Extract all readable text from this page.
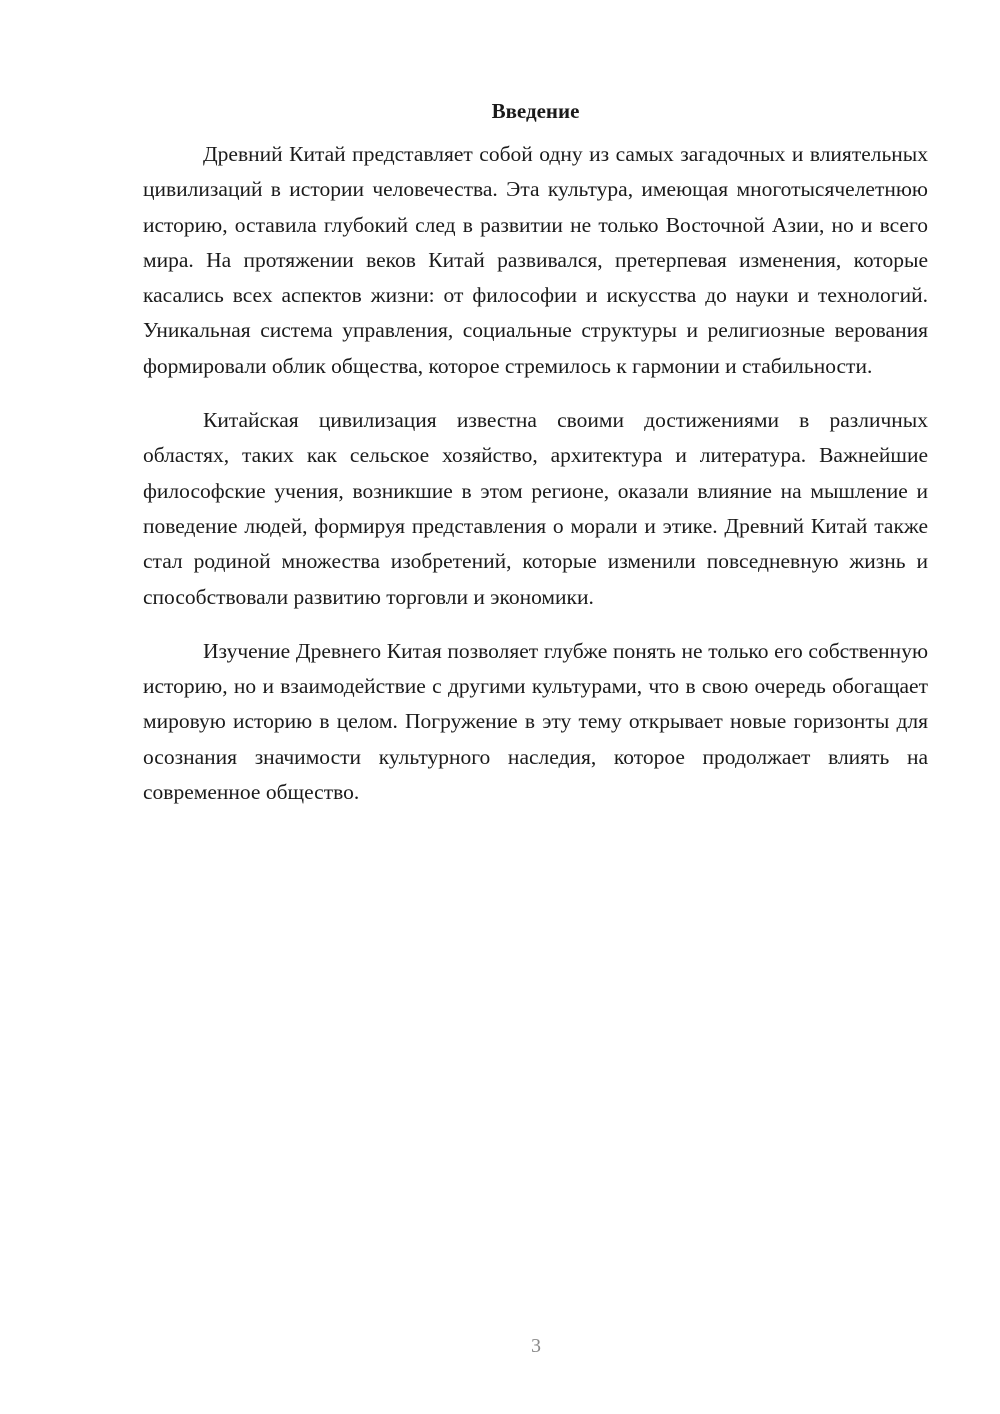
Введение

Древний Китай представляет собой одну из самых загадочных и влиятельных цивилизаций в истории человечества. Эта культура, имеющая многотысячелетнюю историю, оставила глубокий след в развитии не только Восточной Азии, но и всего мира. На протяжении веков Китай развивался, претерпевая изменения, которые касались всех аспектов жизни: от философии и искусства до науки и технологий. Уникальная система управления, социальные структуры и религиозные верования формировали облик общества, которое стремилось к гармонии и стабильности.

Китайская цивилизация известна своими достижениями в различных областях, таких как сельское хозяйство, архитектура и литература. Важнейшие философские учения, возникшие в этом регионе, оказали влияние на мышление и поведение людей, формируя представления о морали и этике. Древний Китай также стал родиной множества изобретений, которые изменили повседневную жизнь и способствовали развитию торговли и экономики.

Изучение Древнего Китая позволяет глубже понять не только его собственную историю, но и взаимодействие с другими культурами, что в свою очередь обогащает мировую историю в целом. Погружение в эту тему открывает новые горизонты для осознания значимости культурного наследия, которое продолжает влиять на современное общество.

3
